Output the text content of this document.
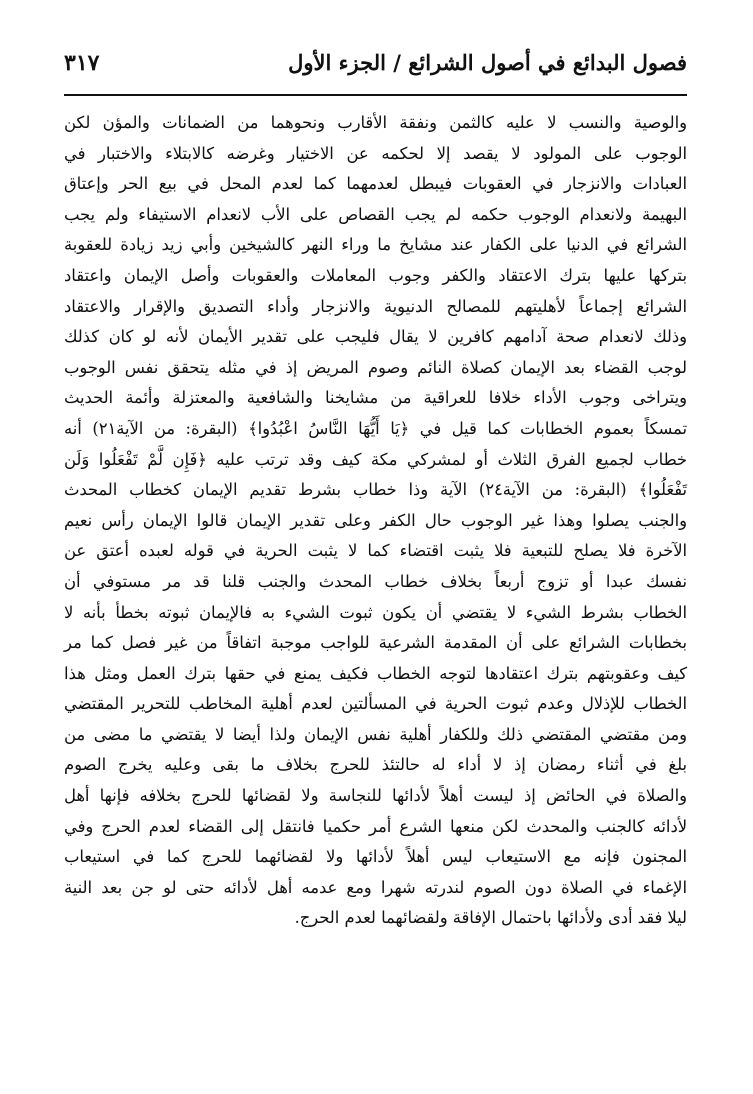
فصول البدائع في أصول الشرائع / الجزء الأول
٣١٧
والوصية والنسب لا عليه كالثمن ونفقة الأقارب ونحوهما من الضمانات والمؤن لكن
الوجوب على المولود لا يقصد إلا لحكمه عن الاختيار وغرضه كالابتلاء والاختبار في
العبادات والانزجار في العقوبات فيبطل لعدمهما كما لعدم المحل في بيع الحر وإعتاق
البهيمة ولانعدام الوجوب حكمه لم يجب القصاص على الأب لانعدام الاستيفاء ولم يجب
الشرائع في الدنيا على الكفار عند مشايخ ما وراء النهر كالشيخين وأبي زيد زيادة للعقوبة
بتركها عليها بترك الاعتقاد والكفر وجوب المعاملات والعقوبات وأصل الإيمان واعتقاد
الشرائع إجماعاً لأهليتهم للمصالح الدنيوية والانزجار وأداء التصديق والإقرار والاعتقاد
وذلك لانعدام صحة آدامهم كافرين لا يقال فليجب على تقدير الأيمان لأنه لو كان كذلك
لوجب القضاء بعد الإيمان كصلاة النائم وصوم المريض إذ في مثله يتحقق نفس الوجوب
ويتراخى وجوب الأداء خلافا للعراقية من مشايخنا والشافعية والمعتزلة وأئمة الحديث
تمسكاً بعموم الخطابات كما قيل في ﴿يَا أَيُّهَا النَّاسُ اعْبُدُوا﴾ (البقرة: من الآية٢١) أنه
خطاب لجميع الفرق الثلاث أو لمشركي مكة كيف وقد ترتب عليه ﴿فَإِن لَّمْ تَفْعَلُوا وَلَن
تَفْعَلُوا﴾ (البقرة: من الآية٢٤) الآية وذا خطاب بشرط تقديم الإيمان كخطاب المحدث
والجنب يصلوا وهذا غير الوجوب حال الكفر وعلى تقدير الإيمان قالوا الإيمان رأس نعيم
الآخرة فلا يصلح للتبعية فلا يثبت اقتضاء كما لا يثبت الحرية في قوله لعبده أعتق عن
نفسك عبدا أو تزوج أربعاً بخلاف خطاب المحدث والجنب قلنا قد مر مستوفي أن
الخطاب بشرط الشيء لا يقتضي أن يكون ثبوت الشيء به فالإيمان ثبوته بخطأ بأنه لا
بخطابات الشرائع على أن المقدمة الشرعية للواجب موجبة اتفاقاً من غير فصل كما مر
كيف وعقوبتهم بترك اعتقادها لتوجه الخطاب فكيف يمنع في حقها بترك العمل ومثل هذا
الخطاب للإذلال وعدم ثبوت الحرية في المسألتين لعدم أهلية المخاطب للتحرير المقتضي
ومن مقتضي المقتضي ذلك وللكفار أهلية نفس الإيمان ولذا أيضا لا يقتضي ما مضى من
بلغ في أثناء رمضان إذ لا أداء له حالتئذ للحرج بخلاف ما بقى وعليه يخرج الصوم
والصلاة في الحائض إذ ليست أهلاً لأدائها للنجاسة ولا لقضائها للحرج بخلافه فإنها أهل
لأدائه كالجنب والمحدث لكن منعها الشرع أمر حكميا فانتقل إلى القضاء لعدم الحرج وفي
المجنون فإنه مع الاستيعاب ليس أهلاً لأدائها ولا لقضائهما للحرج كما في استيعاب
الإغماء في الصلاة دون الصوم لندرته شهرا ومع عدمه أهل لأدائه حتى لو جن بعد النية
ليلا فقد أدى ولأدائها باحتمال الإفاقة ولقضائهما لعدم الحرج.
